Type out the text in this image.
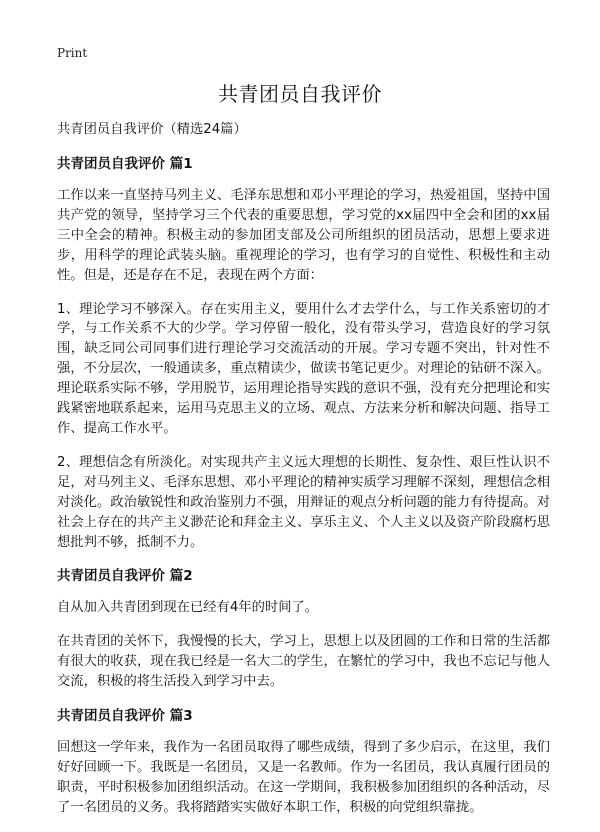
Print
共青团员自我评价

共青团员自我评价（精选24篇）

共青团员自我评价 篇1

工作以来一直坚持马列主义、毛泽东思想和邓小平理论的学习，热爱祖国，坚持中国共产党的领导，坚持学习三个代表的重要思想，学习党的xx届四中全会和团的xx届三中全会的精神。积极主动的参加团支部及公司所组织的团员活动，思想上要求进步，用科学的理论武装头脑。重视理论的学习，也有学习的自觉性、积极性和主动性。但是，还是存在不足，表现在两个方面：

1、理论学习不够深入。存在实用主义，要用什么才去学什么，与工作关系密切的才学，与工作关系不大的少学。学习停留一般化，没有带头学习，营造良好的学习氛围，缺乏同公司同事们进行理论学习交流活动的开展。学习专题不突出，针对性不强，不分层次，一般通读多，重点精读少，做读书笔记更少。对理论的钻研不深入。理论联系实际不够，学用脱节，运用理论指导实践的意识不强，没有充分把理论和实践紧密地联系起来，运用马克思主义的立场、观点、方法来分析和解决问题、指导工作、提高工作水平。

2、理想信念有所淡化。对实现共产主义远大理想的长期性、复杂性、艰巨性认识不足，对马列主义、毛泽东思想、邓小平理论的精神实质学习理解不深刻，理想信念相对淡化。政治敏锐性和政治鉴别力不强，用辩证的观点分析问题的能力有待提高。对社会上存在的共产主义渺茫论和拜金主义、享乐主义、个人主义以及资产阶段腐朽思想批判不够，抵制不力。

共青团员自我评价 篇2

自从加入共青团到现在已经有4年的时间了。

在共青团的关怀下，我慢慢的长大，学习上，思想上以及团圆的工作和日常的生活都有很大的收获，现在我已经是一名大二的学生，在繁忙的学习中，我也不忘记与他人交流，积极的将生活投入到学习中去。

共青团员自我评价 篇3

回想这一学年来，我作为一名团员取得了哪些成绩，得到了多少启示，在这里，我们好好回顾一下。我既是一名团员，又是一名教师。作为一名团员，我认真履行团员的职责，平时积极参加团组织活动。在这一学期间，我积极参加团组织的各种活动，尽了一名团员的义务。我将踏踏实实做好本职工作，积极的向党组织靠拢。
